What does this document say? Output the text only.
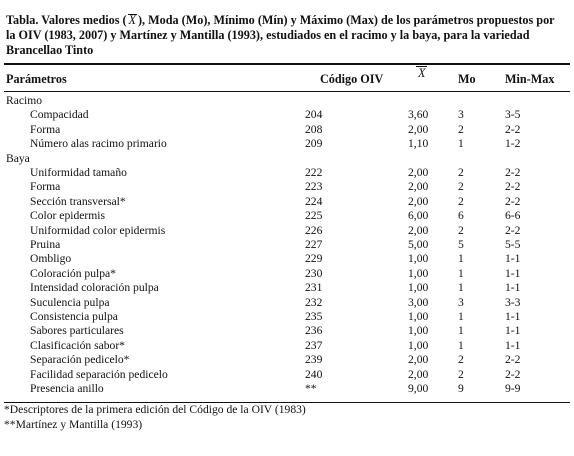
Tabla. Valores medios ( X ), Moda (Mo), Mínimo (Mín) y Máximo (Max) de los parámetros propuestos por la OIV (1983, 2007) y Martínez y Mantilla (1993), estudiados en el racimo y la baya, para la variedad Brancellao Tinto
Parámetros	Código OIV	X	Mo Min-Max
Racimo
Compacidad	204	3,60	3	3-5
Forma	208	2,00	2	2-2
Número alas racimo primario	209	1,10	1	1-2
Baya
Uniformidad tamaño	222	2,00	2	2-2
Forma	223	2,00	2	2-2
Sección transversal*	224	2,00	2	2-2
Color epidermis	225	6,00	6	6-6
Uniformidad color epidermis	226	2,00	2	2-2
Pruina	227	5,00	5	5-5
Ombligo	229	1,00	1	1-1
Coloración pulpa*	230	1,00	1	1-1
Intensidad coloración pulpa	231	1,00	1	1-1
Suculencia pulpa	232	3,00	3	3-3
Consistencia pulpa	235	1,00	1	1-1
Sabores particulares	236	1,00	1	1-1
Clasificación sabor*	237	1,00	1	1-1
Separación pedicelo*	239	2,00	2	2-2
Facilidad separación pedicelo	240	2,00	2	2-2
Presencia anillo	**	9,00	9	9-9
*Descriptores de la primera edición del Código de la OIV (1983)
**Martínez y Mantilla (1993)
